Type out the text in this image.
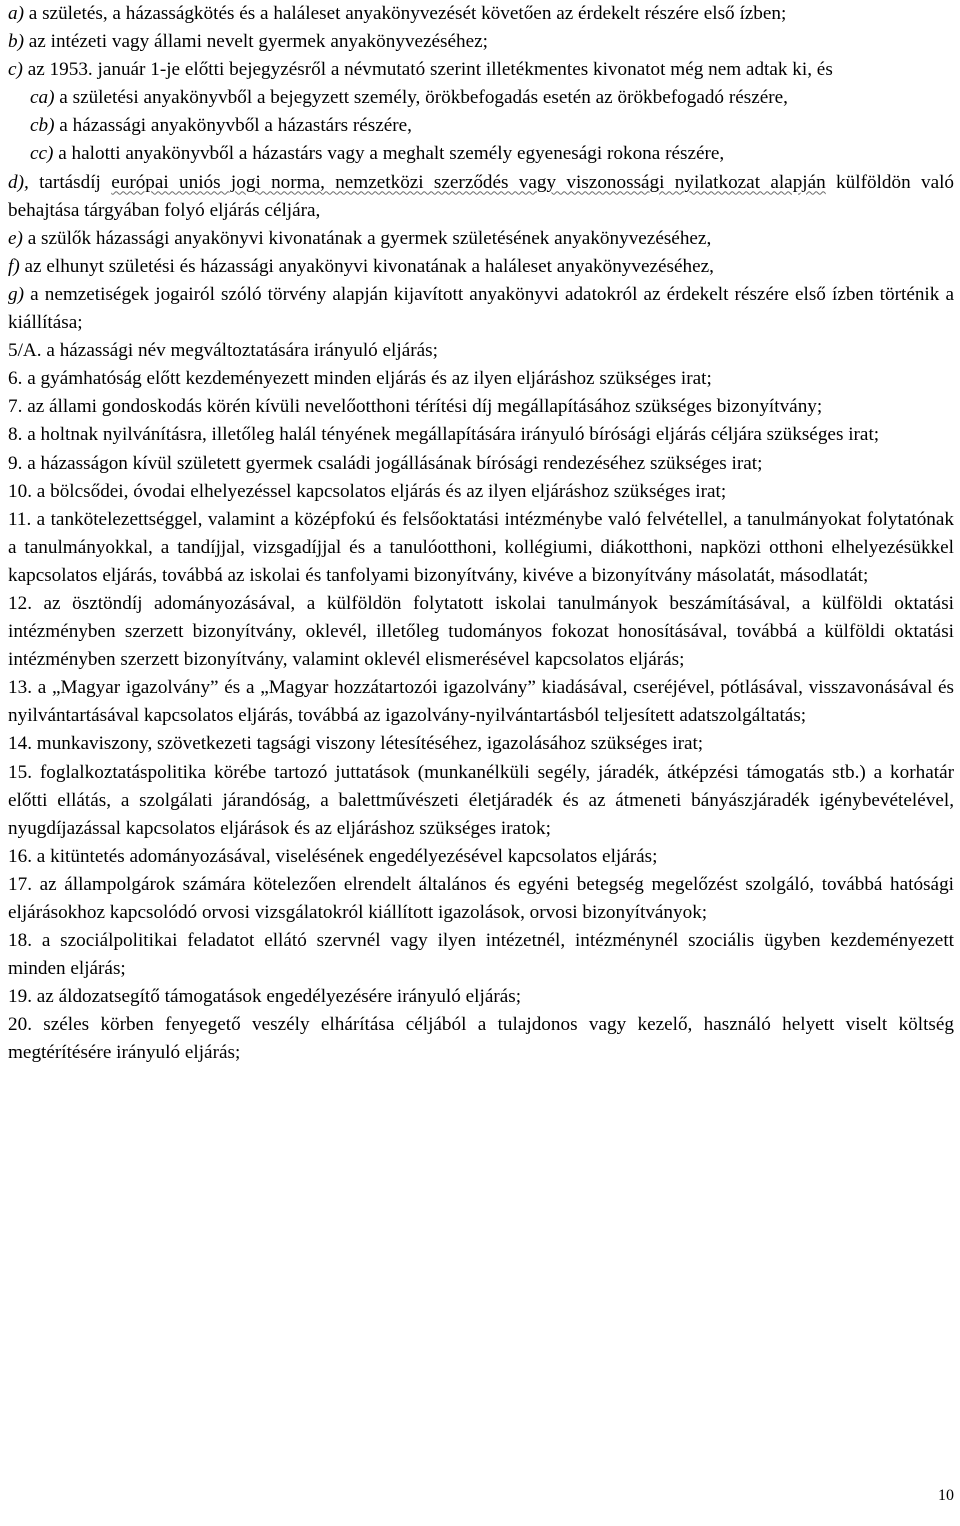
a) a születés, a házasságkötés és a haláleset anyakönyvezését követően az érdekelt részére első ízben;

b) az intézeti vagy állami nevelt gyermek anyakönyvezéséhez;

c) az 1953. január 1-je előtti bejegyzésről a névmutató szerint illetékmentes kivonatot még nem adtak ki, és

ca) a születési anyakönyvből a bejegyzett személy, örökbefogadás esetén az örökbefogadó részére,

cb) a házassági anyakönyvből a házastárs részére,

cc) a halotti anyakönyvből a házastárs vagy a meghalt személy egyenesági rokona részére,

d), tartásdíj európai uniós jogi norma, nemzetközi szerződés vagy viszonossági nyilatkozat alapján külföldön való behajtása tárgyában folyó eljárás céljára,

e) a szülők házassági anyakönyvi kivonatának a gyermek születésének anyakönyvezéséhez,

f) az elhunyt születési és házassági anyakönyvi kivonatának a haláleset anyakönyvezéséhez,

g) a nemzetiségek jogairól szóló törvény alapján kijavított anyakönyvi adatokról az érdekelt részére első ízben történik a kiállítása;

5/A. a házassági név megváltoztatására irányuló eljárás;

6. a gyámhatóság előtt kezdeményezett minden eljárás és az ilyen eljáráshoz szükséges irat;

7. az állami gondoskodás körén kívüli nevelőotthoni térítési díj megállapításához szükséges bizonyítvány;

8. a holtnak nyilvánításra, illetőleg halál tényének megállapítására irányuló bírósági eljárás céljára szükséges irat;

9. a házasságon kívül született gyermek családi jogállásának bírósági rendezéséhez szükséges irat;

10. a bölcsődei, óvodai elhelyezéssel kapcsolatos eljárás és az ilyen eljáráshoz szükséges irat;

11. a tankötelezettséggel, valamint a középfokú és felsőoktatási intézménybe való felvétellel, a tanulmányokat folytatónak a tanulmányokkal, a tandíjjal, vizsgadíjjal és a tanulóotthoni, kollégiumi, diákotthoni, napközi otthoni elhelyezésükkel kapcsolatos eljárás, továbbá az iskolai és tanfolyami bizonyítvány, kivéve a bizonyítvány másolatát, másodlatát;

12. az ösztöndíj adományozásával, a külföldön folytatott iskolai tanulmányok beszámításával, a külföldi oktatási intézményben szerzett bizonyítvány, oklevél, illetőleg tudományos fokozat honosításával, továbbá a külföldi oktatási intézményben szerzett bizonyítvány, valamint oklevél elismerésével kapcsolatos eljárás;

13. a „Magyar igazolvány” és a „Magyar hozzátartozói igazolvány” kiadásával, cseréjével, pótlásával, visszavonásával és nyilvántartásával kapcsolatos eljárás, továbbá az igazolvány-nyilvántartásból teljesített adatszolgáltatás;

14. munkaviszony, szövetkezeti tagsági viszony létesítéséhez, igazolásához szükséges irat;

15. foglalkoztatáspolitika körébe tartozó juttatások (munkanélküli segély, járadék, átképzési támogatás stb.) a korhatár előtti ellátás, a szolgálati járandóság, a balettművészeti életjáradék és az átmeneti bányászjáradék igénybevételével, nyugdíjazással kapcsolatos eljárások és az eljáráshoz szükséges iratok;

16. a kitüntetés adományozásával, viselésének engedélyezésével kapcsolatos eljárás;

17. az állampolgárok számára kötelezően elrendelt általános és egyéni betegség megelőzést szolgáló, továbbá hatósági eljárásokhoz kapcsolódó orvosi vizsgálatokról kiállított igazolások, orvosi bizonyítványok;

18. a szociálpolitikai feladatot ellátó szervnél vagy ilyen intézetnél, intézménynél szociális ügyben kezdeményezett minden eljárás;

19. az áldozatsegítő támogatások engedélyezésére irányuló eljárás;

20. széles körben fenyegető veszély elhárítása céljából a tulajdonos vagy kezelő, használó helyett viselt költség megtérítésére irányuló eljárás;

10
